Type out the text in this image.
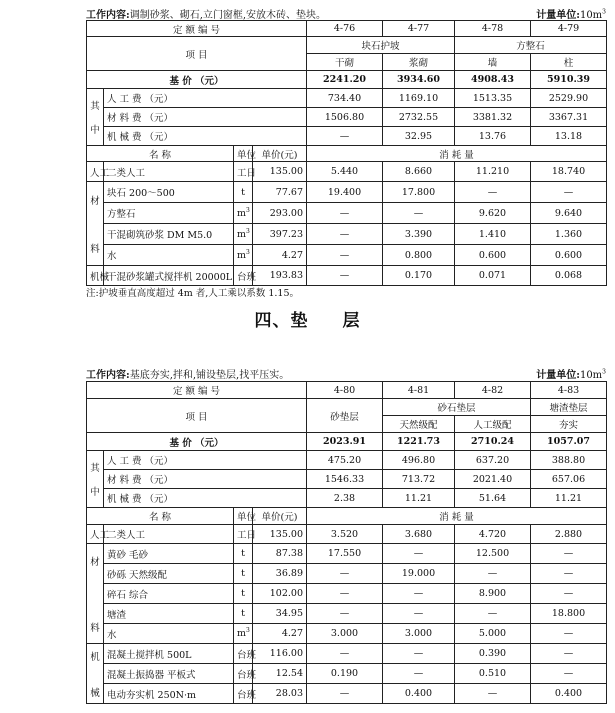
工作内容:调制砂浆、砌石,立门窗框,安放木砖、垫块。	计量单位$:10m^3$
定 额 编 号				4-76	4-77	4-78	4-79
项 目				块石护坡		方整石	
				干砌	浆砌	墙	柱
基 价 （元）				2241.20	3934.60	4908.43	5910.39

其
中	人 工 费 （元）			734.40	1169.10	1513.35	2529.90
	材 料 费 （元）			1506.80	2732.55	3381.32	3367.31
	机 械 费 （元）			—	32.95	13.76	13.18
名 称		单位	单价(元)	消 耗 量			
人工	二类人工	工日	135.00	5.440	8.660	11.210	18.740

材
料	块石 200～500	t	77.67	19.400	17.800	—	—
	方整石	$m^3$	293.00	—	—	9.620	9.640
	干混砌筑砂浆 DM M5.0	$m^3$	397.23	—	3.390	1.410	1.360
	水	$m^3$	4.27	—	0.800	0.600	0.600
机械	干混砂浆罐式搅拌机 20000L	台班	193.83	—	0.170	0.071	0.068
注:护坡垂直高度超过 4m 者,人工乘以系数 1.15。
四、垫 层
工作内容:基底夯实,拌和,铺设垫层,找平压实。	计量单位$:10m^3$
定 额 编 号				4-80	4-81	4-82	4-83
项 目				砂垫层	砂石垫层		塘渣垫层
					天然级配	人工级配	夯实
基 价 （元）				2023.91	1221.73	2710.24	1057.07

其
中	人 工 费 （元）			475.20	496.80	637.20	388.80
	材 料 费 （元）			1546.33	713.72	2021.40	657.06
	机 械 费 （元）			2.38	11.21	51.64	11.21
名 称		单位	单价(元)	消 耗 量			
人工	二类人工	工日	135.00	3.520	3.680	4.720	2.880

材
料	黄砂 毛砂	t	87.38	17.550	—	12.500	—
	砂砾 天然级配	t	36.89	—	19.000	—	—
	碎石 综合	t	102.00	—	—	8.900	—
	塘渣	t	34.95	—	—	—	18.800
	水	$m^3$	4.27	3.000	3.000	5.000	—

机
械	混凝土搅拌机 500L	台班	116.00	—	—	0.390	—
	混凝土振捣器 平板式	台班	12.54	0.190	—	0.510	—
	电动夯实机 250N·m	台班	28.03	—	0.400	—	0.400
